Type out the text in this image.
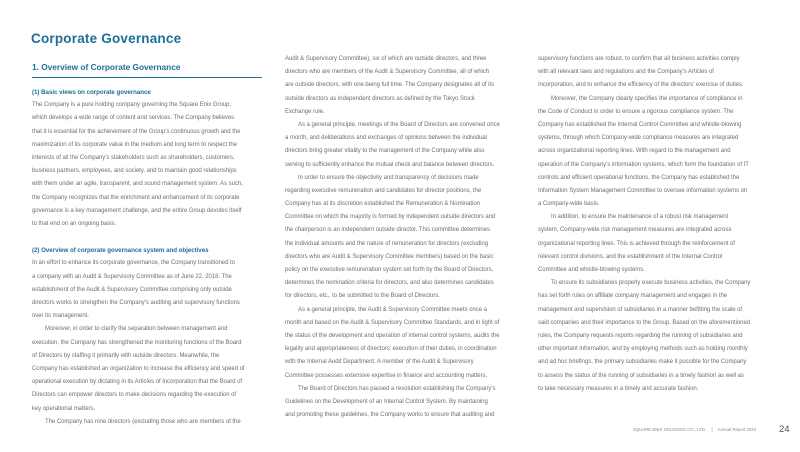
Corporate Governance
1. Overview of Corporate Governance
(1) Basic views on corporate governance
The Company is a pure holding company governing the Square Enix Group,
which develops a wide range of content and services. The Company believes
that it is essential for the achievement of the Group’s continuous growth and the
maximization of its corporate value in the medium and long term to respect the
interests of all the Company’s stakeholders such as shareholders, customers,
business partners, employees, and society, and to maintain good relationships
with them under an agile, transparent, and sound management system. As such,
the Company recognizes that the enrichment and enhancement of its corporate
governance is a key management challenge, and the entire Group devotes itself
to that end on an ongoing basis.
(2) Overview of corporate governance system and objectives
In an effort to enhance its corporate governance, the Company transitioned to
a company with an Audit & Supervisory Committee as of June 22, 2018. The
establishment of the Audit & Supervisory Committee comprising only outside
directors works to strengthen the Company’s auditing and supervisory functions
over its management.
Moreover, in order to clarify the separation between management and
execution, the Company has strengthened the monitoring functions of the Board
of Directors by staffing it primarily with outside directors. Meanwhile, the
Company has established an organization to increase the efficiency and speed of
operational execution by dictating in its Articles of Incorporation that the Board of
Directors can empower directors to make decisions regarding the execution of
key operational matters.
The Company has nine directors (excluding those who are members of the
Audit & Supervisory Committee), six of which are outside directors, and three
directors who are members of the Audit & Supervisory Committee, all of which
are outside directors, with one being full time. The Company designates all of its
outside directors as independent directors as defined by the Tokyo Stock
Exchange rule.
As a general principle, meetings of the Board of Directors are convened once
a month, and deliberations and exchanges of opinions between the individual
directors bring greater vitality to the management of the Company while also
serving to sufficiently enhance the mutual check and balance between directors.
In order to ensure the objectivity and transparency of decisions made
regarding executive remuneration and candidates for director positions, the
Company has at its discretion established the Remuneration & Nomination
Committee on which the majority is formed by independent outside directors and
the chairperson is an independent outside director. This committee determines
the individual amounts and the nature of remuneration for directors (excluding
directors who are Audit & Supervisory Committee members) based on the basic
policy on the executive remuneration system set forth by the Board of Directors,
determines the nomination criteria for directors, and also determines candidates
for directors, etc., to be submitted to the Board of Directors.
As a general principle, the Audit & Supervisory Committee meets once a
month and based on the Audit & Supervisory Committee Standards, and in light of
the status of the development and operation of internal control systems, audits the
legality and appropriateness of directors’ execution of their duties, in coordination
with the Internal Audit Department. A member of the Audit & Supervisory
Committee possesses extensive expertise in finance and accounting matters.
The Board of Directors has passed a resolution establishing the Company’s
Guidelines on the Development of an Internal Control System. By maintaining
and promoting these guidelines, the Company works to ensure that auditing and
supervisory functions are robust, to confirm that all business activities comply
with all relevant laws and regulations and the Company’s Articles of
Incorporation, and to enhance the efficiency of the directors’ exercise of duties.
Moreover, the Company clearly specifies the importance of compliance in
the Code of Conduct in order to ensure a rigorous compliance system. The
Company has established the Internal Control Committee and whistle-blowing
systems, through which Company-wide compliance measures are integrated
across organizational reporting lines. With regard to the management and
operation of the Company’s information systems, which form the foundation of IT
controls and efficient operational functions, the Company has established the
Information System Management Committee to oversee information systems on
a Company-wide basis.
In addition, to ensure the maintenance of a robust risk management
system, Company-wide risk management measures are integrated across
organizational reporting lines. This is achieved through the reinforcement of
relevant control divisions, and the establishment of the Internal Control
Committee and whistle-blowing systems.
To ensure its subsidiaries properly execute business activities, the Company
has set forth rules on affiliate company management and engages in the
management and supervision of subsidiaries in a manner befitting the scale of
said companies and their importance to the Group. Based on the aforementioned
rules, the Company requests reports regarding the running of subsidiaries and
other important information, and by employing methods such as holding monthly
and ad hoc briefings, the primary subsidiaries make it possible for the Company
to assess the status of the running of subsidiaries in a timely fashion as well as
to take necessary measures in a timely and accurate fashion.
SQUARE ENIX HOLDINGS CO., LTD. | Annual Report 2023 24
